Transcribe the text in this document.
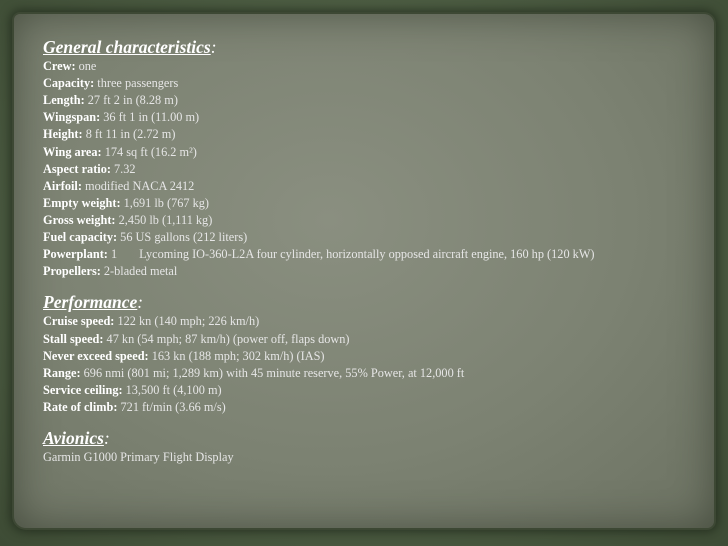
General characteristics:
Crew: one
Capacity: three passengers
Length: 27 ft 2 in (8.28 m)
Wingspan: 36 ft 1 in (11.00 m)
Height: 8 ft 11 in (2.72 m)
Wing area: 174 sq ft (16.2 m²)
Aspect ratio: 7.32
Airfoil: modified NACA 2412
Empty weight: 1,691 lb (767 kg)
Gross weight: 2,450 lb (1,111 kg)
Fuel capacity: 56 US gallons (212 liters)
Powerplant: 1 Lycoming IO-360-L2A four cylinder, horizontally opposed aircraft engine, 160 hp (120 kW)
Propellers: 2-bladed metal
Performance:
Cruise speed: 122 kn (140 mph; 226 km/h)
Stall speed: 47 kn (54 mph; 87 km/h) (power off, flaps down)
Never exceed speed: 163 kn (188 mph; 302 km/h) (IAS)
Range: 696 nmi (801 mi; 1,289 km) with 45 minute reserve, 55% Power, at 12,000 ft
Service ceiling: 13,500 ft (4,100 m)
Rate of climb: 721 ft/min (3.66 m/s)
Avionics:
Garmin G1000 Primary Flight Display
